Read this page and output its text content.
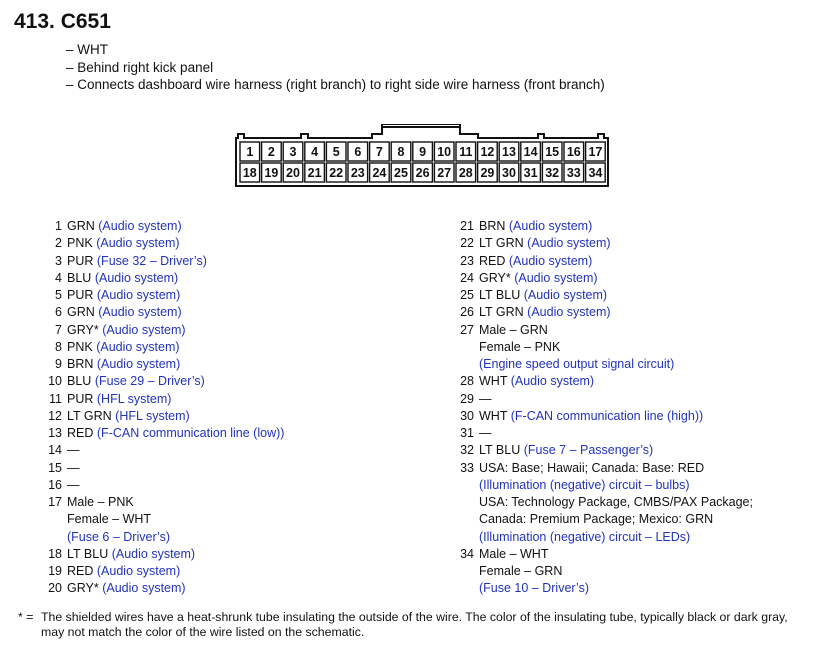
413. C651
– WHT
– Behind right kick panel
– Connects dashboard wire harness (right branch) to right side wire harness (front branch)
1 2 3 4 5 6 7 8 9 10 11 12 13 14 15 16 17
18 19 20 21 22 23 24 25 26 27 28 29 30 31 32 33 34
1 GRN (Audio system)
2 PNK (Audio system)
3 PUR (Fuse 32 – Driver’s)
4 BLU (Audio system)
5 PUR (Audio system)
6 GRN (Audio system)
7 GRY* (Audio system)
8 PNK (Audio system)
9 BRN (Audio system)
10 BLU (Fuse 29 – Driver’s)
11 PUR (HFL system)
12 LT GRN (HFL system)
13 RED (F-CAN communication line (low))
14 —
15 —
16 —
17 Male – PNK
Female – WHT
(Fuse 6 – Driver’s)
18 LT BLU (Audio system)
19 RED (Audio system)
20 GRY* (Audio system)
21 BRN (Audio system)
22 LT GRN (Audio system)
23 RED (Audio system)
24 GRY* (Audio system)
25 LT BLU (Audio system)
26 LT GRN (Audio system)
27 Male – GRN
Female – PNK
(Engine speed output signal circuit)
28 WHT (Audio system)
29 —
30 WHT (F-CAN communication line (high))
31 —
32 LT BLU (Fuse 7 – Passenger’s)
33 USA: Base; Hawaii; Canada: Base: RED
(Illumination (negative) circuit – bulbs)
USA: Technology Package, CMBS/PAX Package;
Canada: Premium Package; Mexico: GRN
(Illumination (negative) circuit – LEDs)
34 Male – WHT
Female – GRN
(Fuse 10 – Driver’s)
* = The shielded wires have a heat-shrunk tube insulating the outside of the wire. The color of the insulating tube, typically black or dark gray,
may not match the color of the wire listed on the schematic.
